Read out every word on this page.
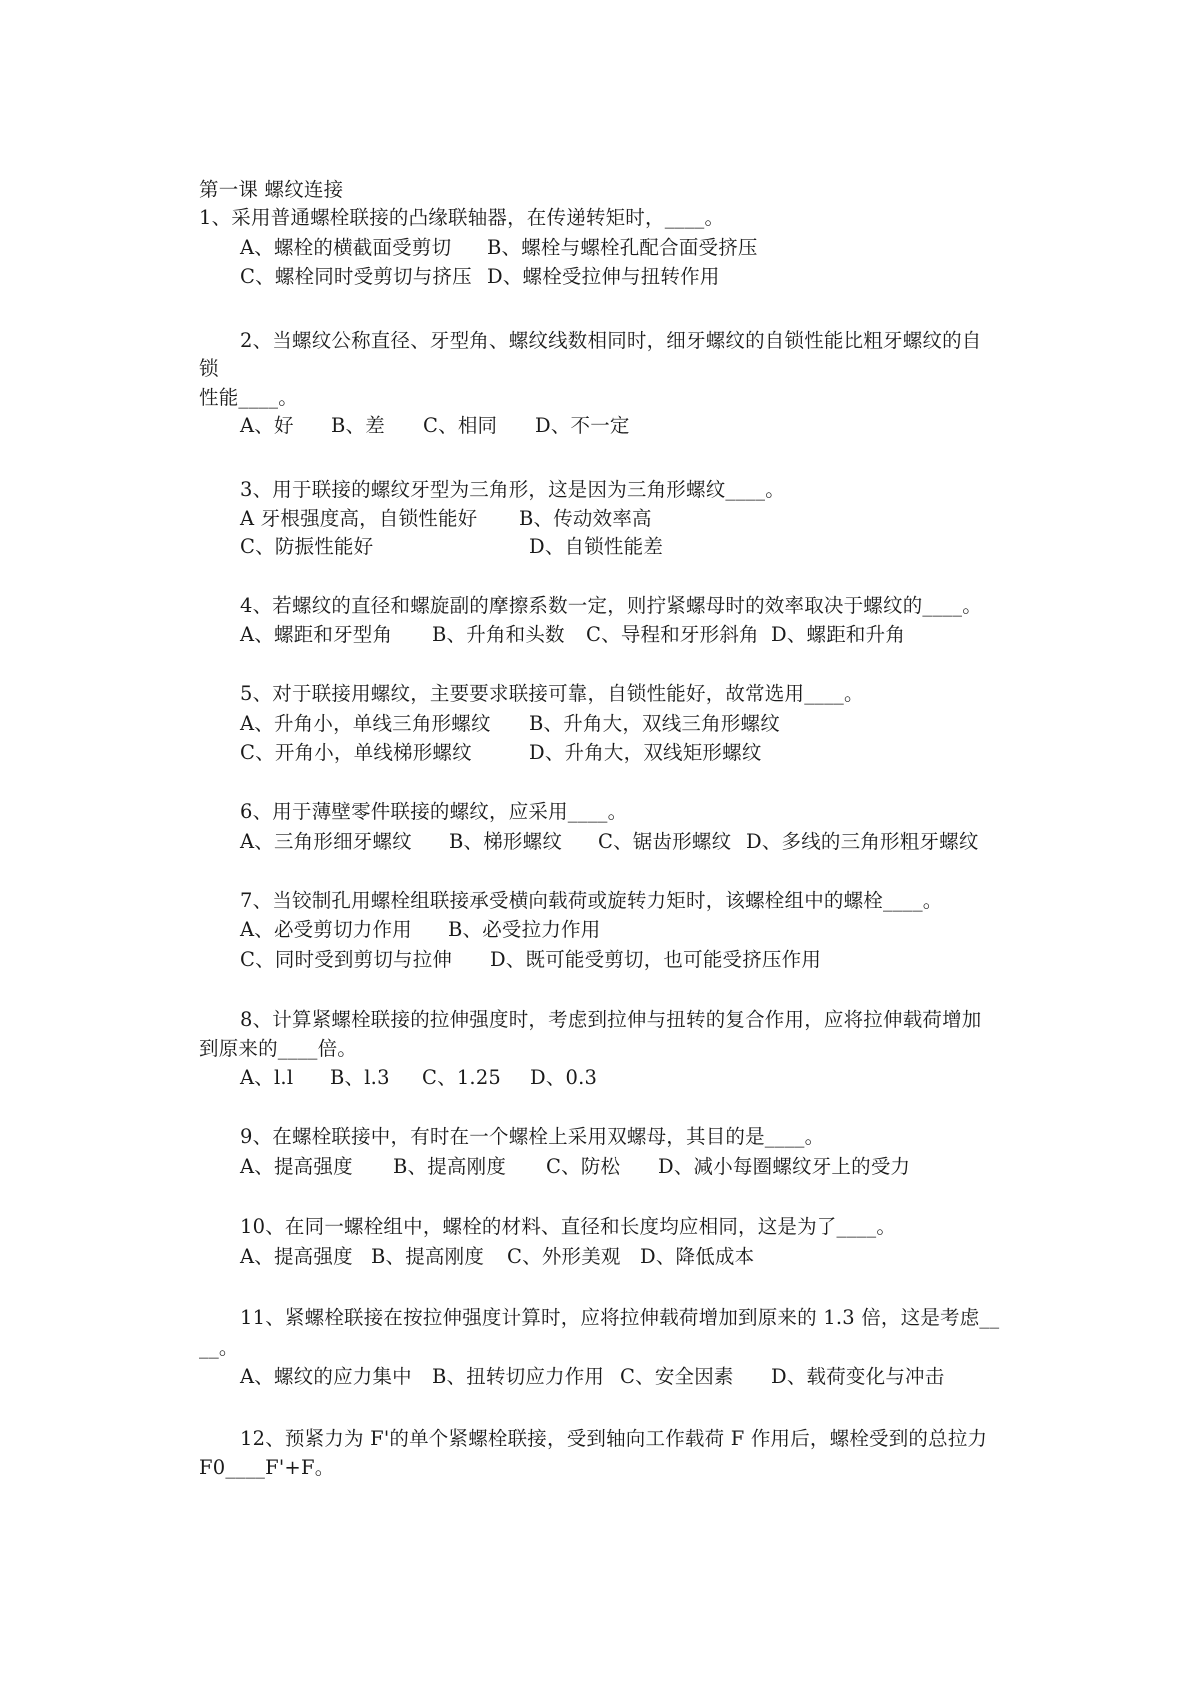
第一课 螺纹连接
1、采用普通螺栓联接的凸缘联轴器，在传递转矩时，____。
A、螺栓的横截面受剪切 B、螺栓与螺栓孔配合面受挤压
C、螺栓同时受剪切与挤压 D、螺栓受拉伸与扭转作用
2、当螺纹公称直径、牙型角、螺纹线数相同时，细牙螺纹的自锁性能比粗牙螺纹的自
锁
性能____。
A、好 B、差 C、相同 D、不一定
3、用于联接的螺纹牙型为三角形，这是因为三角形螺纹____。
A 牙根强度高，自锁性能好 B、传动效率高
C、防振性能好	D、自锁性能差
4、若螺纹的直径和螺旋副的摩擦系数一定，则拧紧螺母时的效率取决于螺纹的____。
A、螺距和牙型角 B、升角和头数 C、导程和牙形斜角 D、螺距和升角
5、对于联接用螺纹，主要要求联接可靠，自锁性能好，故常选用____。
A、升角小，单线三角形螺纹 B、升角大，双线三角形螺纹
C、开角小，单线梯形螺纹	D、升角大，双线矩形螺纹
6、用于薄壁零件联接的螺纹，应采用____。
A、三角形细牙螺纹 B、梯形螺纹 C、锯齿形螺纹 D、多线的三角形粗牙螺纹
7、当铰制孔用螺栓组联接承受横向载荷或旋转力矩时，该螺栓组中的螺栓____。
A、必受剪切力作用 B、必受拉力作用
C、同时受到剪切与拉伸 D、既可能受剪切，也可能受挤压作用
8、计算紧螺栓联接的拉伸强度时，考虑到拉伸与扭转的复合作用，应将拉伸载荷增加
到原来的____倍。
A、l.l B、l.3 C、1.25 D、0.3
9、在螺栓联接中，有时在一个螺栓上采用双螺母，其目的是____。
A、提高强度 B、提高刚度 C、防松 D、减小每圈螺纹牙上的受力
10、在同一螺栓组中，螺栓的材料、直径和长度均应相同，这是为了____。
A、提高强度 B、提高刚度 C、外形美观 D、降低成本
11、紧螺栓联接在按拉伸强度计算时，应将拉伸载荷增加到原来的 1.3 倍，这是考虑__
__。
A、螺纹的应力集中 B、扭转切应力作用 C、安全因素 D、载荷变化与冲击
12、预紧力为 F'的单个紧螺栓联接，受到轴向工作载荷 F 作用后，螺栓受到的总拉力
F0____F'+F。
